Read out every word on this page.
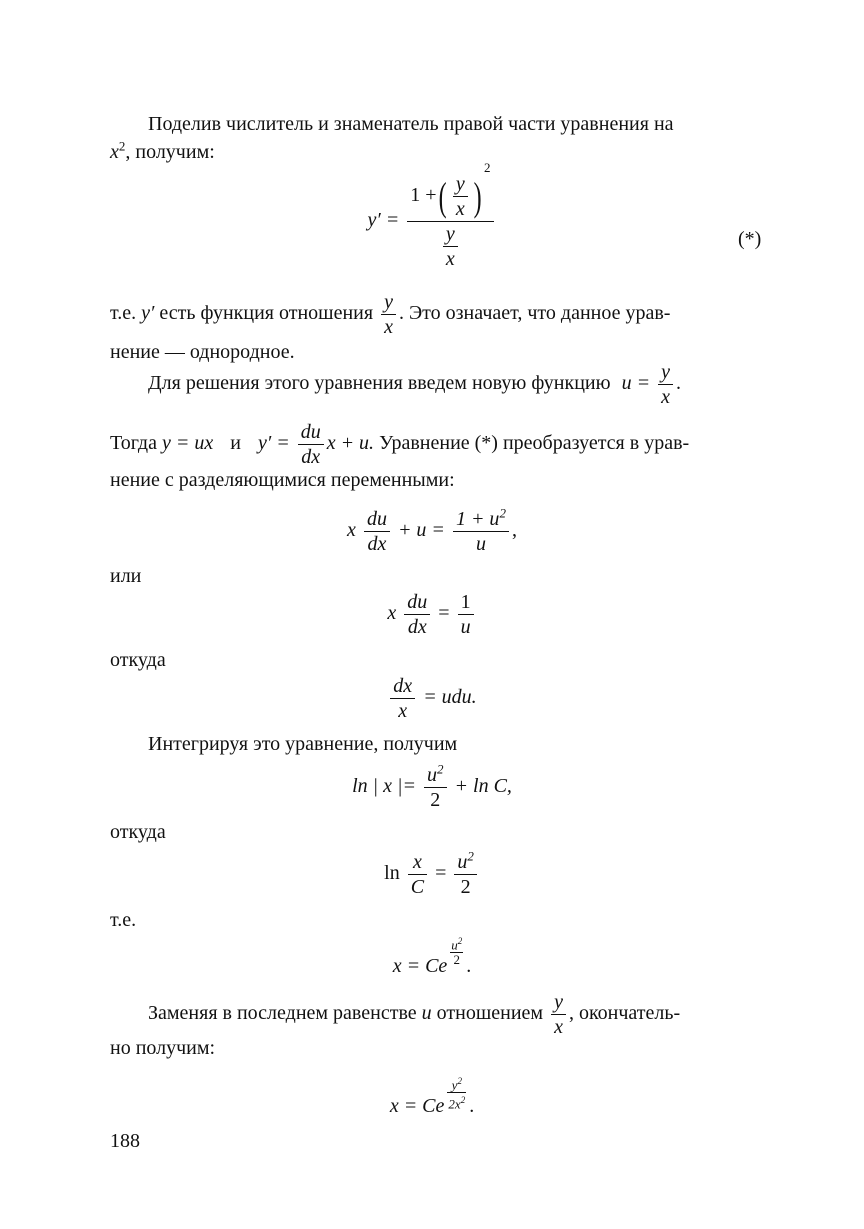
Поделив числитель и знаменатель правой части уравнения на
$x^2$, получим:
$y' = \frac{1 +( \frac{y}{x} )^2}{\frac{y}{x}}$	(*)
т.е. y′ есть функция отношения $\frac{y}{x}$ . Это означает, что данное урав-
нение — однородное.
Для решения этого уравнения введем новую функцию $u = \frac{y}{x}$ .
Тогда y = ux и $y' = \frac{du}{dx}$ x + u. Уравнение (*) преобразуется в урав-
нение с разделяющимися переменными:
x $\frac{du}{dx} + u = \frac{1 + u^2}{u}$ ,
или
x $\frac{du}{dx} = \frac{1}{u}$
откуда
$\frac{dx}{x}$ = udu.
Интегрируя это уравнение, получим
ln | x |= $\frac{u^2}{2} + \ln C$,
откуда
$\ln \frac{x}{C} = \frac{u^2}{2}$
т.е.
x = Ce $\frac{u^2}{2}$ .
Заменяя в последнем равенстве u отношением $\frac{y}{x}$ , окончатель-
но получим:
x = Ce $\frac{y^2}{2x^2}$ .
188
